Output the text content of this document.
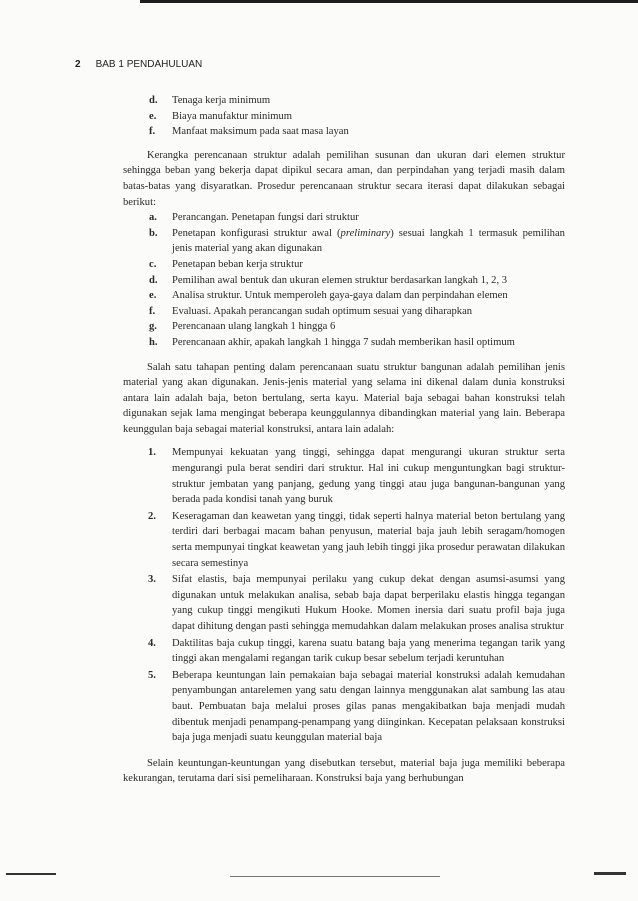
2 BAB 1 PENDAHULUAN
d. Tenaga kerja minimum
e. Biaya manufaktur minimum
f. Manfaat maksimum pada saat masa layan

Kerangka perencanaan struktur adalah pemilihan susunan dan ukuran dari elemen struktur sehingga beban yang bekerja dapat dipikul secara aman, dan perpindahan yang terjadi masih dalam batas-batas yang disyaratkan. Prosedur perencanaan struktur secara iterasi dapat dilakukan sebagai berikut:

a. Perancangan. Penetapan fungsi dari struktur
b. Penetapan konfigurasi struktur awal (preliminary) sesuai langkah 1 termasuk pemilihan jenis material yang akan digunakan
c. Penetapan beban kerja struktur
d. Pemilihan awal bentuk dan ukuran elemen struktur berdasarkan langkah 1, 2, 3
e. Analisa struktur. Untuk memperoleh gaya-gaya dalam dan perpindahan elemen
f. Evaluasi. Apakah perancangan sudah optimum sesuai yang diharapkan
g. Perencanaan ulang langkah 1 hingga 6
h. Perencanaan akhir, apakah langkah 1 hingga 7 sudah memberikan hasil optimum

Salah satu tahapan penting dalam perencanaan suatu struktur bangunan adalah pemilihan jenis material yang akan digunakan. Jenis-jenis material yang selama ini dikenal dalam dunia konstruksi antara lain adalah baja, beton bertulang, serta kayu. Material baja sebagai bahan konstruksi telah digunakan sejak lama mengingat beberapa keunggulannya dibandingkan material yang lain. Beberapa keunggulan baja sebagai material konstruksi, antara lain adalah:

1. Mempunyai kekuatan yang tinggi, sehingga dapat mengurangi ukuran struktur serta mengurangi pula berat sendiri dari struktur. Hal ini cukup menguntungkan bagi struktur-struktur jembatan yang panjang, gedung yang tinggi atau juga bangunan-bangunan yang berada pada kondisi tanah yang buruk
2. Keseragaman dan keawetan yang tinggi, tidak seperti halnya material beton bertulang yang terdiri dari berbagai macam bahan penyusun, material baja jauh lebih seragam/homogen serta mempunyai tingkat keawetan yang jauh lebih tinggi jika prosedur perawatan dilakukan secara semestinya
3. Sifat elastis, baja mempunyai perilaku yang cukup dekat dengan asumsi-asumsi yang digunakan untuk melakukan analisa, sebab baja dapat berperilaku elastis hingga tegangan yang cukup tinggi mengikuti Hukum Hooke. Momen inersia dari suatu profil baja juga dapat dihitung dengan pasti sehingga memudahkan dalam melakukan proses analisa struktur
4. Daktilitas baja cukup tinggi, karena suatu batang baja yang menerima tegangan tarik yang tinggi akan mengalami regangan tarik cukup besar sebelum terjadi keruntuhan
5. Beberapa keuntungan lain pemakaian baja sebagai material konstruksi adalah kemudahan penyambungan antarelemen yang satu dengan lainnya menggunakan alat sambung las atau baut. Pembuatan baja melalui proses gilas panas mengakibatkan baja menjadi mudah dibentuk menjadi penampang-penampang yang diinginkan. Kecepatan pelaksaan konstruksi baja juga menjadi suatu keunggulan material baja

Selain keuntungan-keuntungan yang disebutkan tersebut, material baja juga memiliki beberapa kekurangan, terutama dari sisi pemeliharaan. Konstruksi baja yang berhubungan
